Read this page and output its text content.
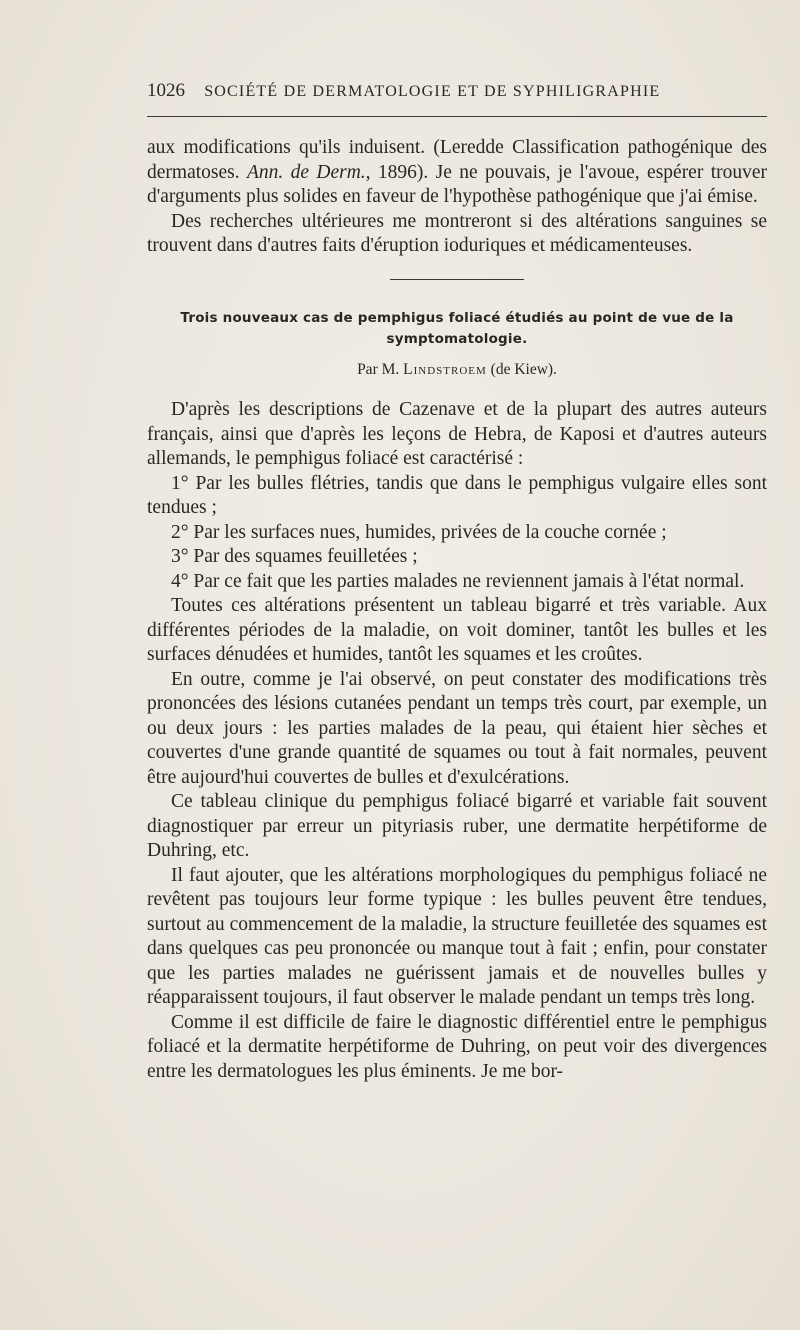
1026 SOCIÉTÉ DE DERMATOLOGIE ET DE SYPHILIGRAPHIE

aux modifications qu'ils induisent. (Leredde Classification pathogénique des dermatoses. Ann. de Derm., 1896). Je ne pouvais, je l'avoue, espérer trouver d'arguments plus solides en faveur de l'hypothèse pathogénique que j'ai émise.

Des recherches ultérieures me montreront si des altérations sanguines se trouvent dans d'autres faits d'éruption ioduriques et médicamenteuses.

Trois nouveaux cas de pemphigus foliacé étudiés au point de vue de la symptomatologie.
Par M. Lindstroem (de Kiew).

D'après les descriptions de Cazenave et de la plupart des autres auteurs français, ainsi que d'après les leçons de Hebra, de Kaposi et d'autres auteurs allemands, le pemphigus foliacé est caractérisé :

1° Par les bulles flétries, tandis que dans le pemphigus vulgaire elles sont tendues ;

2° Par les surfaces nues, humides, privées de la couche cornée ;

3° Par des squames feuilletées ;

4° Par ce fait que les parties malades ne reviennent jamais à l'état normal.

Toutes ces altérations présentent un tableau bigarré et très variable. Aux différentes périodes de la maladie, on voit dominer, tantôt les bulles et les surfaces dénudées et humides, tantôt les squames et les croûtes.

En outre, comme je l'ai observé, on peut constater des modifications très prononcées des lésions cutanées pendant un temps très court, par exemple, un ou deux jours : les parties malades de la peau, qui étaient hier sèches et couvertes d'une grande quantité de squames ou tout à fait normales, peuvent être aujourd'hui couvertes de bulles et d'exulcérations.

Ce tableau clinique du pemphigus foliacé bigarré et variable fait souvent diagnostiquer par erreur un pityriasis ruber, une dermatite herpétiforme de Duhring, etc.

Il faut ajouter, que les altérations morphologiques du pemphigus foliacé ne revêtent pas toujours leur forme typique : les bulles peuvent être tendues, surtout au commencement de la maladie, la structure feuilletée des squames est dans quelques cas peu prononcée ou manque tout à fait ; enfin, pour constater que les parties malades ne guérissent jamais et de nouvelles bulles y réapparaissent toujours, il faut observer le malade pendant un temps très long.

Comme il est difficile de faire le diagnostic différentiel entre le pemphigus foliacé et la dermatite herpétiforme de Duhring, on peut voir des divergences entre les dermatologues les plus éminents. Je me bor-
